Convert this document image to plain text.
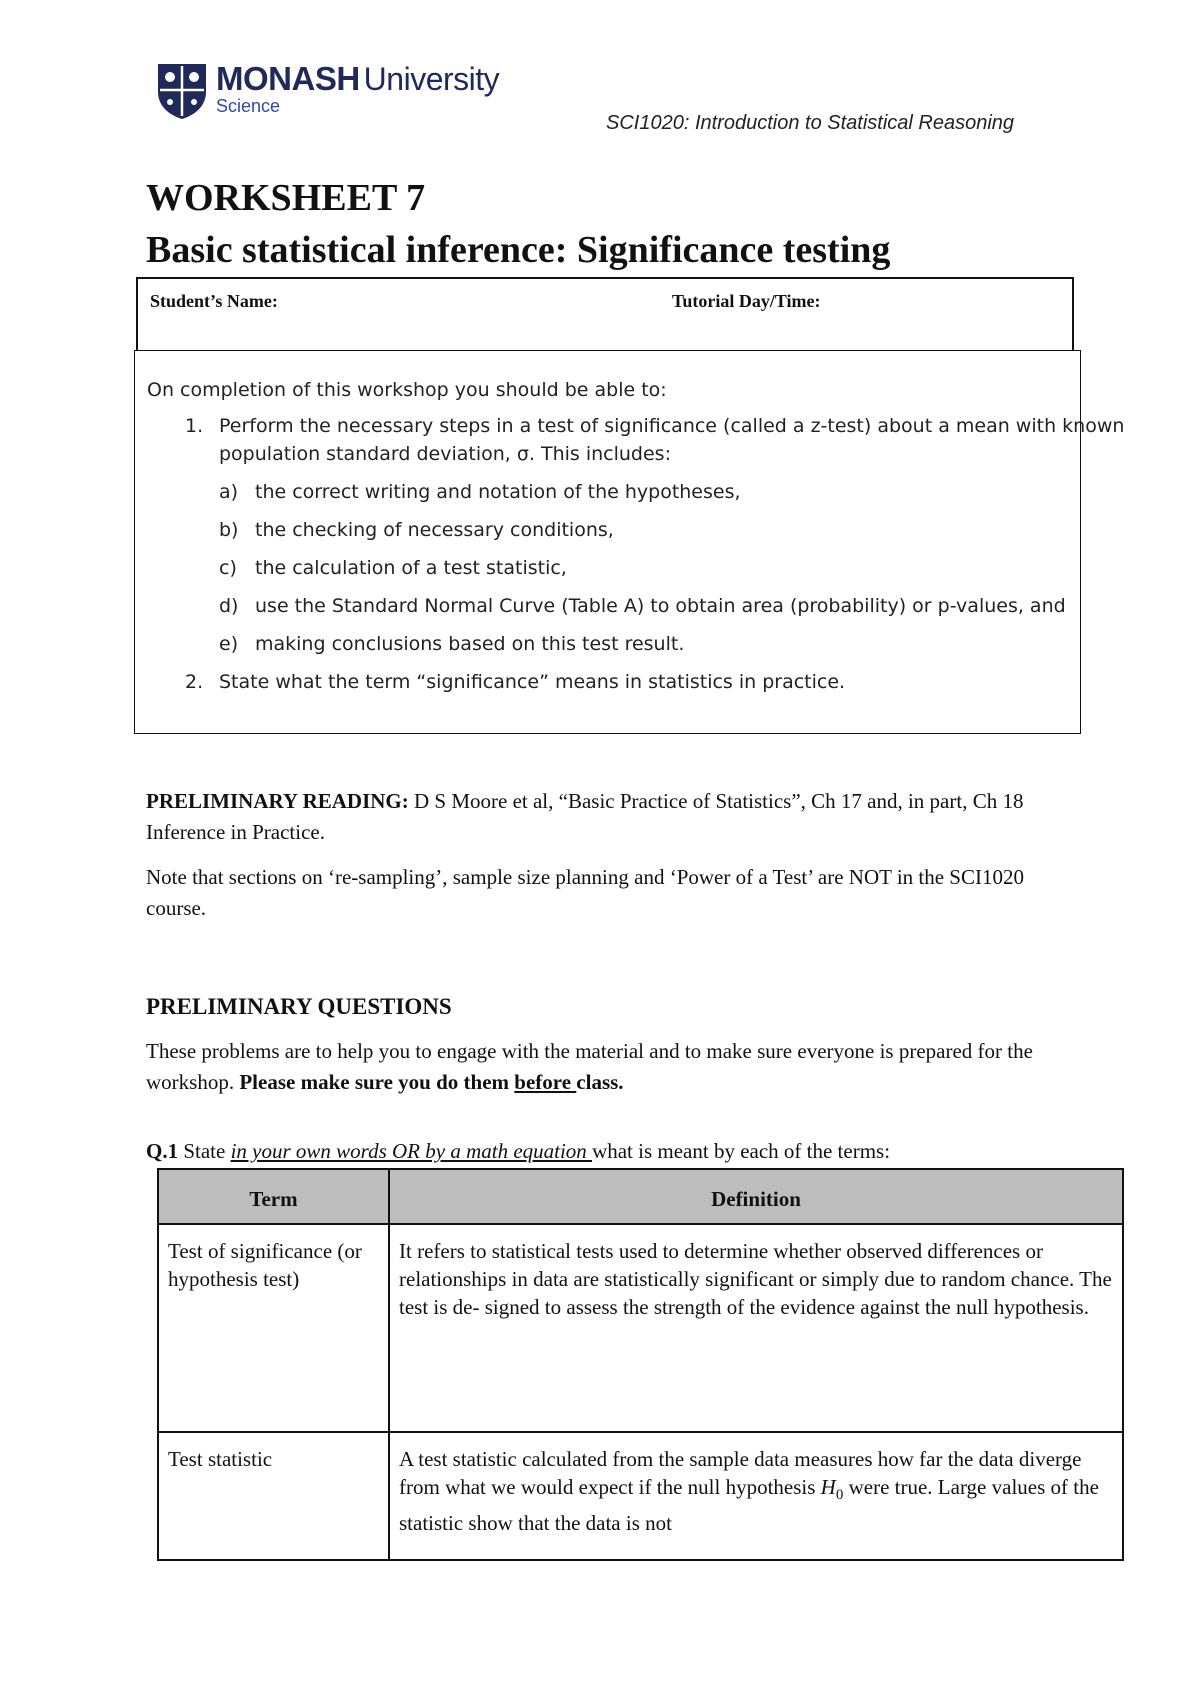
MONASH University
Science
SCI1020: Introduction to Statistical Reasoning
WORKSHEET 7
Basic statistical inference: Significance testing
Student’s Name:	Tutorial Day/Time:
On completion of this workshop you should be able to:
1. Perform the necessary steps in a test of significance (called a z-test) about a mean with known
population standard deviation, σ. This includes:
a) the correct writing and notation of the hypotheses,
b) the checking of necessary conditions,
c) the calculation of a test statistic,
d) use the Standard Normal Curve (Table A) to obtain area (probability) or p-values, and
e) making conclusions based on this test result.
2. State what the term “significance” means in statistics in practice.
PRELIMINARY READING: D S Moore et al, “Basic Practice of Statistics”, Ch 17 and, in part, Ch 18 Inference in Practice.
Note that sections on ‘re-sampling’, sample size planning and ‘Power of a Test’ are NOT in the SCI1020 course.
PRELIMINARY QUESTIONS
These problems are to help you to engage with the material and to make sure everyone is prepared for the workshop. Please make sure you do them before class.
Q.1 State in your own words OR by a math equation what is meant by each of the terms:
Term	Definition
Test of significance (or hypothesis test)	It refers to statistical tests used to determine whether observed differences or relationships in data are statistically significant or simply due to random chance. The test is de- signed to assess the strength of the evidence against the null hypothesis.
Test statistic	A test statistic calculated from the sample data measures how far the data diverge from what we would expect if the null hypothesis $H_0$ were true. Large values of the statistic show that the data is not
